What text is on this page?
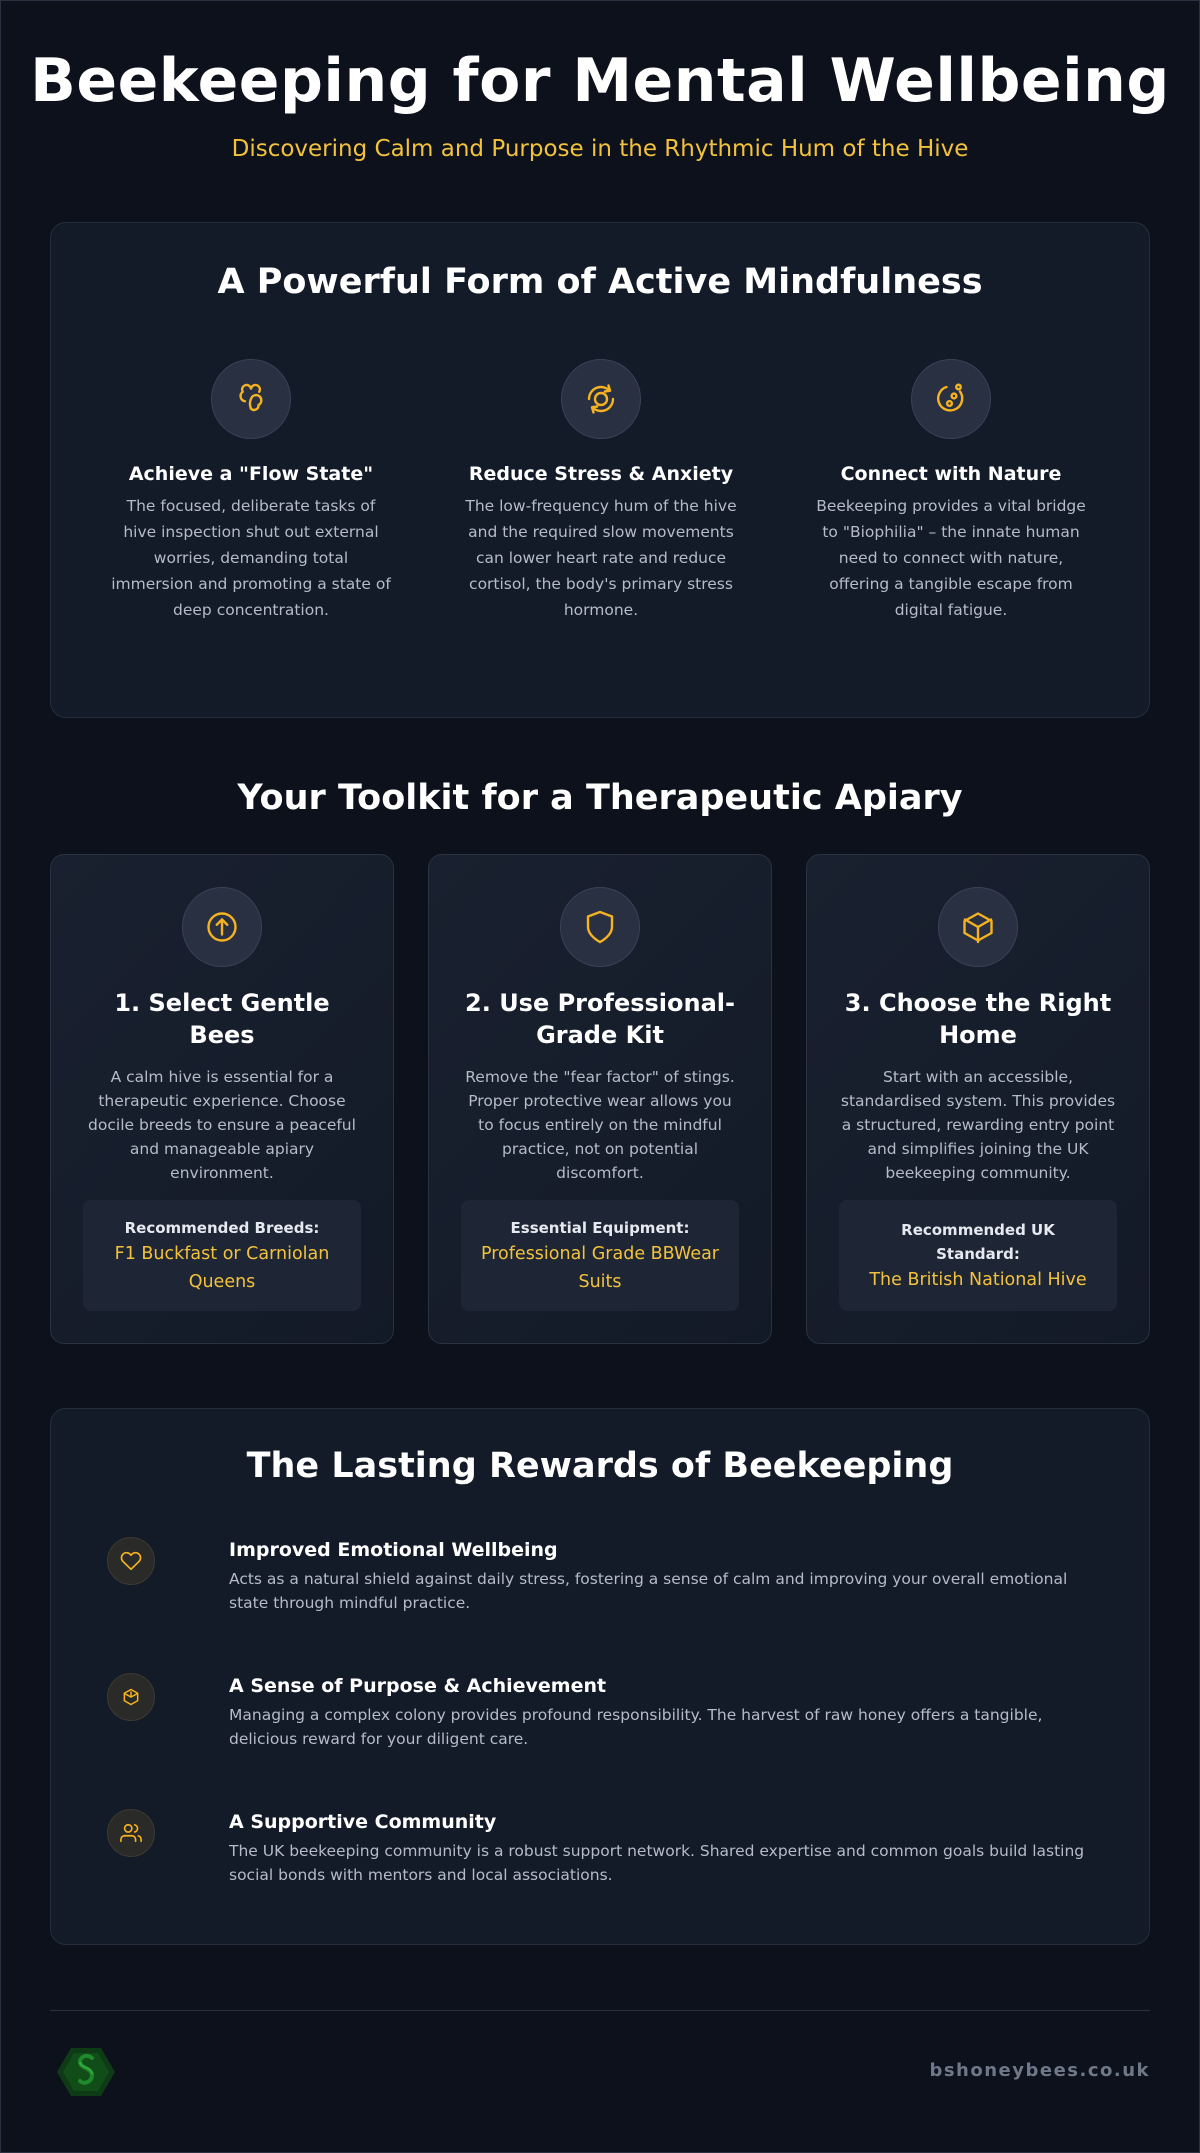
Beekeeping for Mental Wellbeing
Discovering Calm and Purpose in the Rhythmic Hum of the Hive
A Powerful Form of Active Mindfulness
Achieve a "Flow State"

The focused, deliberate tasks of hive inspection shut out external worries, demanding total immersion and promoting a state of deep concentration.

Reduce Stress & Anxiety

The low-frequency hum of the hive and the required slow movements can lower heart rate and reduce cortisol, the body's primary stress hormone.

Connect with Nature

Beekeeping provides a vital bridge to "Biophilia" – the innate human need to connect with nature, offering a tangible escape from digital fatigue.

Your Toolkit for a Therapeutic Apiary
1. Select Gentle Bees

A calm hive is essential for a therapeutic experience. Choose docile breeds to ensure a peaceful and manageable apiary environment.

Recommended Breeds:
F1 Buckfast or Carniolan Queens
2. Use Professional-Grade Kit

Remove the "fear factor" of stings. Proper protective wear allows you to focus entirely on the mindful practice, not on potential discomfort.

Essential Equipment:
Professional Grade BBWear Suits
3. Choose the Right Home

Start with an accessible, standardised system. This provides a structured, rewarding entry point and simplifies joining the UK beekeeping community.

Recommended UK Standard:
The British National Hive
The Lasting Rewards of Beekeeping
Improved Emotional Wellbeing

Acts as a natural shield against daily stress, fostering a sense of calm and improving your overall emotional state through mindful practice.

A Sense of Purpose & Achievement

Managing a complex colony provides profound responsibility. The harvest of raw honey offers a tangible, delicious reward for your diligent care.

A Supportive Community

The UK beekeeping community is a robust support network. Shared expertise and common goals build lasting social bonds with mentors and local associations.

bshoneybees.co.uk
